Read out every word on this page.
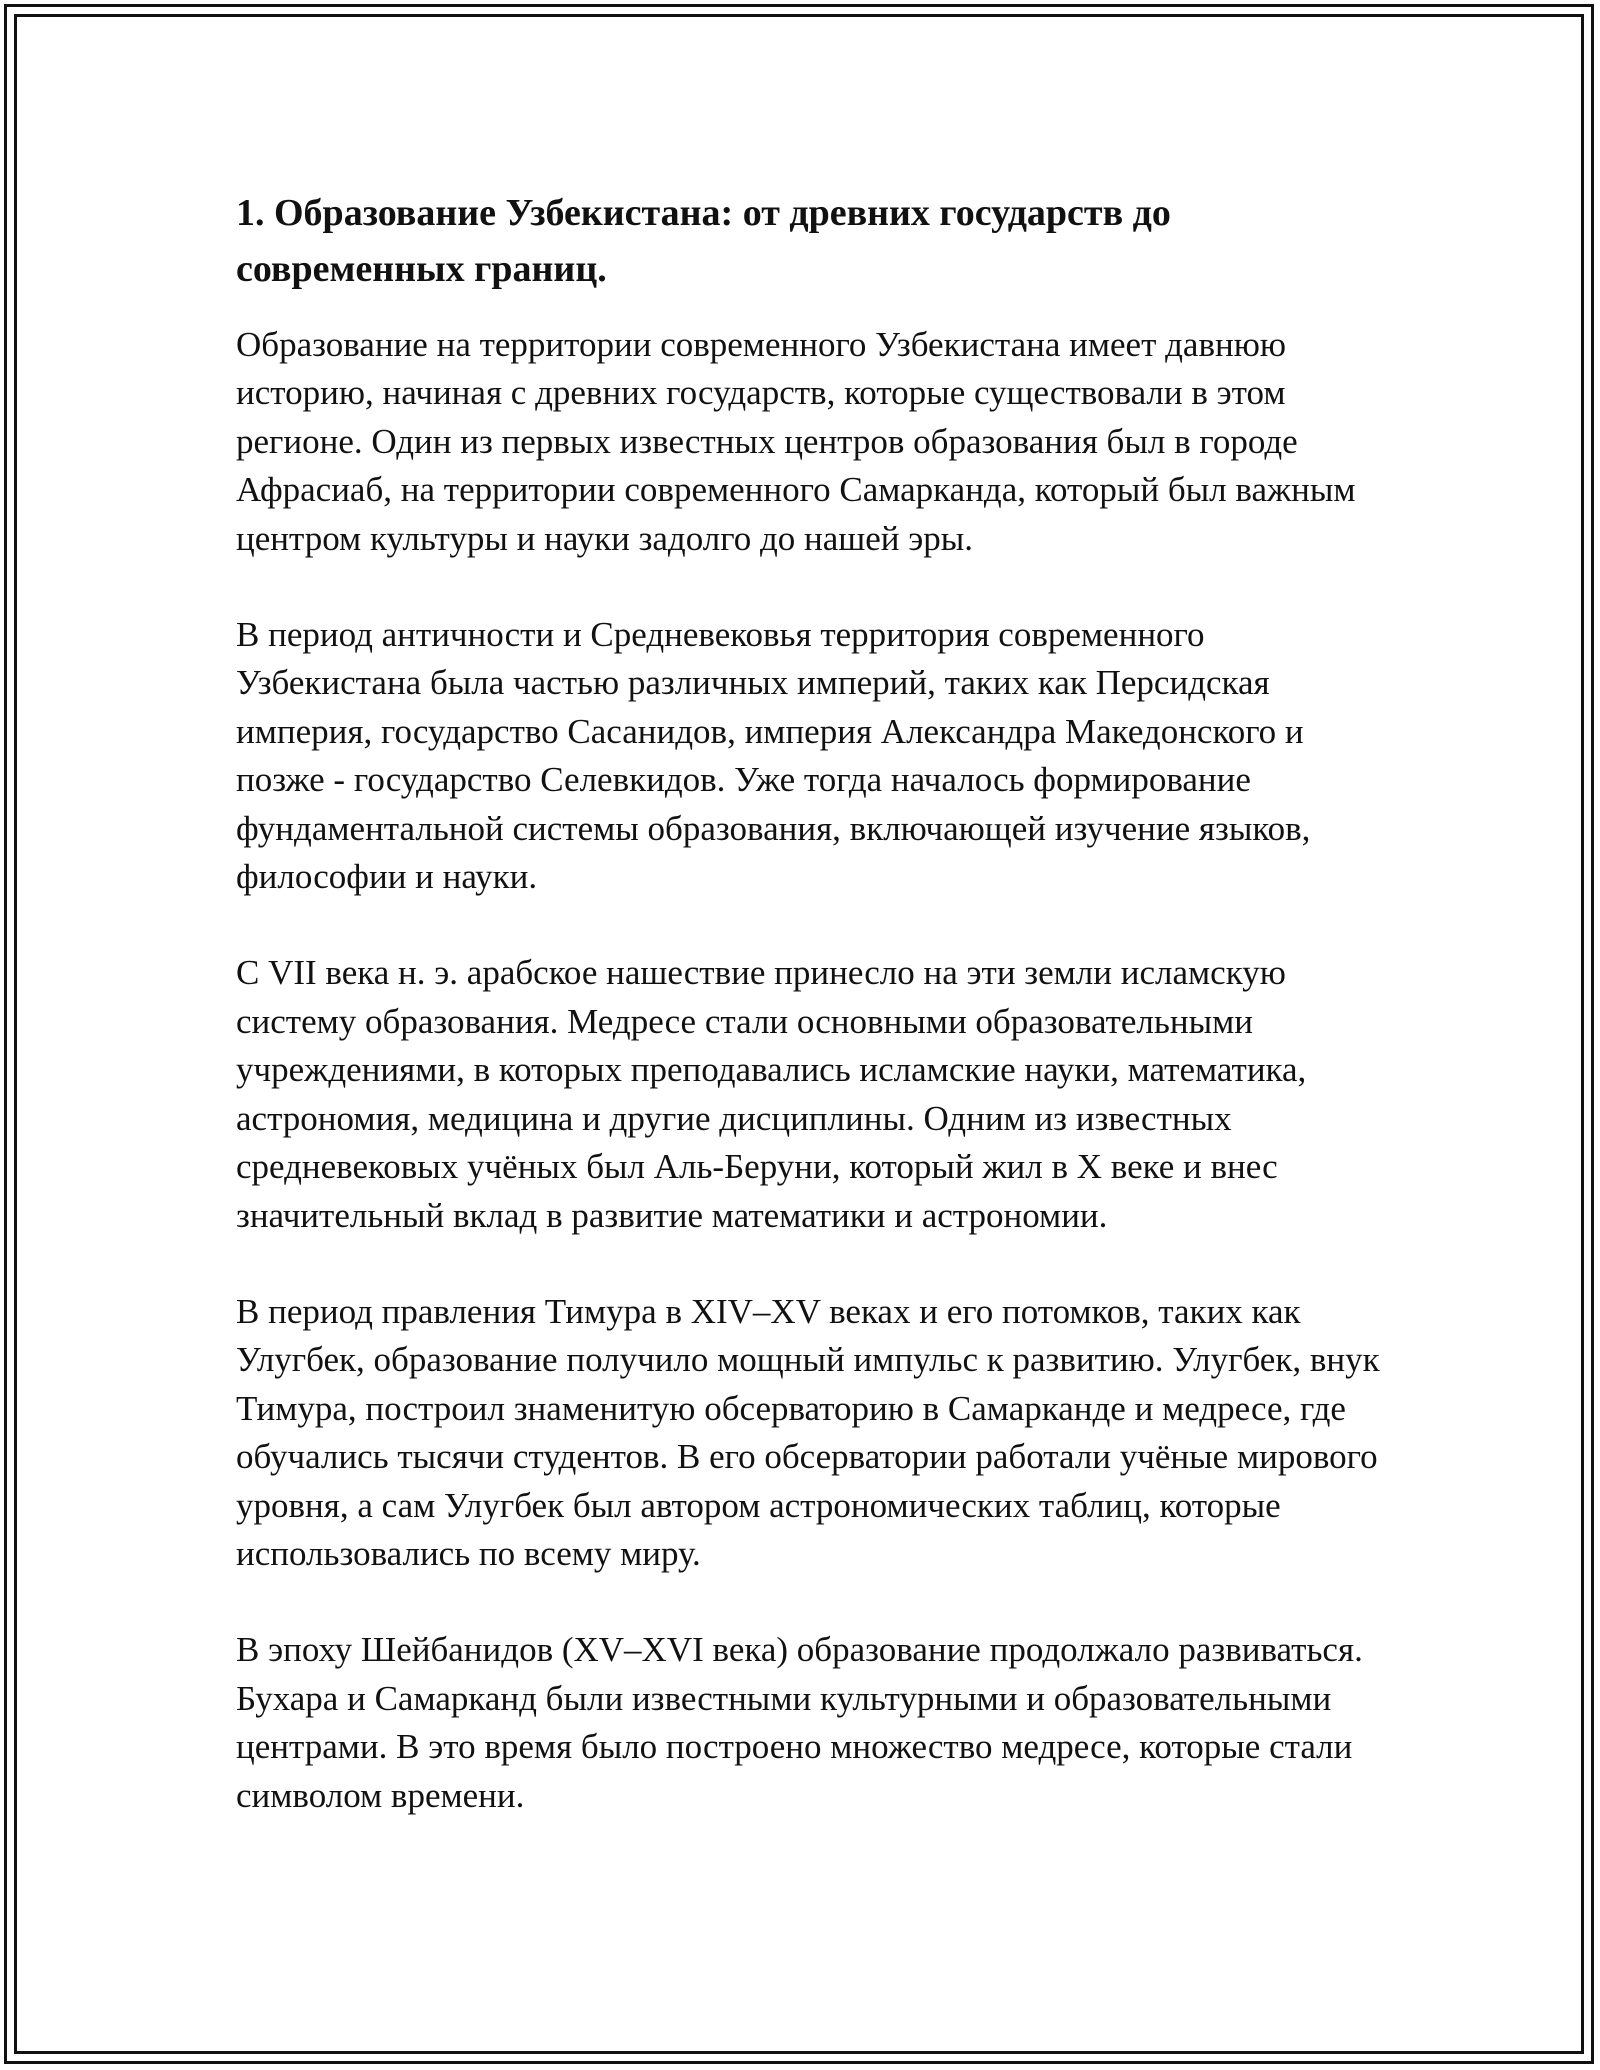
1. Образование Узбекистана: от древних государств до современных границ.

Образование на территории современного Узбекистана имеет давнюю историю, начиная с древних государств, которые существовали в этом регионе. Один из первых известных центров образования был в городе Афрасиаб, на территории современного Самарканда, который был важным центром культуры и науки задолго до нашей эры.

В период античности и Средневековья территория современного Узбекистана была частью различных империй, таких как Персидская империя, государство Сасанидов, империя Александра Македонского и позже - государство Селевкидов. Уже тогда началось формирование фундаментальной системы образования, включающей изучение языков, философии и науки.

С VII века н. э. арабское нашествие принесло на эти земли исламскую систему образования. Медресе стали основными образовательными учреждениями, в которых преподавались исламские науки, математика, астрономия, медицина и другие дисциплины. Одним из известных средневековых учёных был Аль-Беруни, который жил в X веке и внес значительный вклад в развитие математики и астрономии.

В период правления Тимура в XIV–XV веках и его потомков, таких как Улугбек, образование получило мощный импульс к развитию. Улугбек, внук Тимура, построил знаменитую обсерваторию в Самарканде и медресе, где обучались тысячи студентов. В его обсерватории работали учёные мирового уровня, а сам Улугбек был автором астрономических таблиц, которые использовались по всему миру.

В эпоху Шейбанидов (XV–XVI века) образование продолжало развиваться. Бухара и Самарканд были известными культурными и образовательными центрами. В это время было построено множество медресе, которые стали символом времени.
